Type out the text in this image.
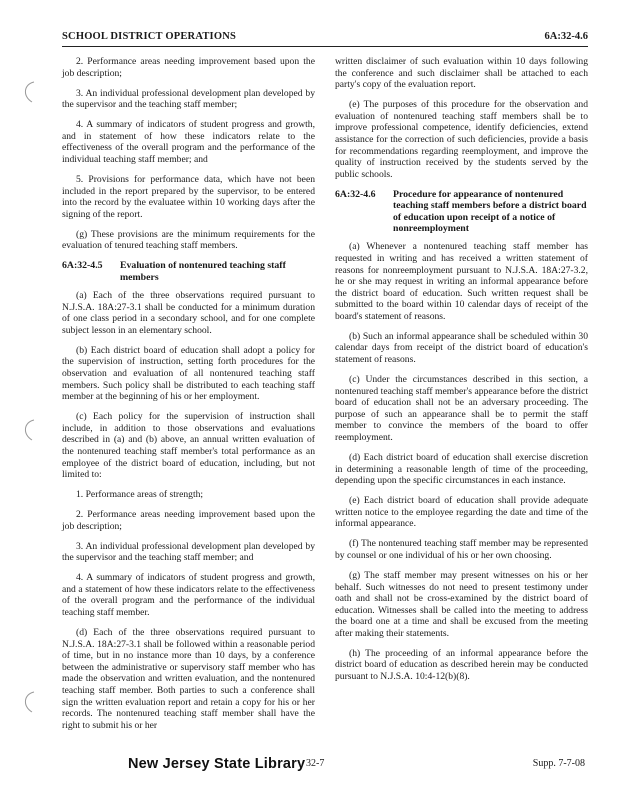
SCHOOL DISTRICT OPERATIONS	6A:32-4.6

2. Performance areas needing improvement based upon the job description;

3. An individual professional development plan developed by the supervisor and the teaching staff member;

4. A summary of indicators of student progress and growth, and in statement of how these indicators relate to the effectiveness of the overall program and the performance of the individual teaching staff member; and

5. Provisions for performance data, which have not been included in the report prepared by the supervisor, to be entered into the record by the evaluatee within 10 working days after the signing of the report.

(g) These provisions are the minimum requirements for the evaluation of tenured teaching staff members.

6A:32-4.5	Evaluation of nontenured teaching staff members

(a) Each of the three observations required pursuant to N.J.S.A. 18A:27-3.1 shall be conducted for a minimum duration of one class period in a secondary school, and for one complete subject lesson in an elementary school.

(b) Each district board of education shall adopt a policy for the supervision of instruction, setting forth procedures for the observation and evaluation of all nontenured teaching staff members. Such policy shall be distributed to each teaching staff member at the beginning of his or her employment.

(c) Each policy for the supervision of instruction shall include, in addition to those observations and evaluations described in (a) and (b) above, an annual written evaluation of the nontenured teaching staff member's total performance as an employee of the district board of education, including, but not limited to:

1. Performance areas of strength;

2. Performance areas needing improvement based upon the job description;

3. An individual professional development plan developed by the supervisor and the teaching staff member; and

4. A summary of indicators of student progress and growth, and a statement of how these indicators relate to the effectiveness of the overall program and the performance of the individual teaching staff member.

(d) Each of the three observations required pursuant to N.J.S.A. 18A:27-3.1 shall be followed within a reasonable period of time, but in no instance more than 10 days, by a conference between the administrative or supervisory staff member who has made the observation and written evaluation, and the nontenured teaching staff member. Both parties to such a conference shall sign the written evaluation report and retain a copy for his or her records. The nontenured teaching staff member shall have the right to submit his or her

written disclaimer of such evaluation within 10 days following the conference and such disclaimer shall be attached to each party's copy of the evaluation report.

(e) The purposes of this procedure for the observation and evaluation of nontenured teaching staff members shall be to improve professional competence, identify deficiencies, extend assistance for the correction of such deficiencies, provide a basis for recommendations regarding reemployment, and improve the quality of instruction received by the students served by the public schools.

6A:32-4.6	Procedure for appearance of nontenured teaching staff members before a district board of education upon receipt of a notice of nonreemployment

(a) Whenever a nontenured teaching staff member has requested in writing and has received a written statement of reasons for nonreemployment pursuant to N.J.S.A. 18A:27-3.2, he or she may request in writing an informal appearance before the district board of education. Such written request shall be submitted to the board within 10 calendar days of receipt of the board's statement of reasons.

(b) Such an informal appearance shall be scheduled within 30 calendar days from receipt of the district board of education's statement of reasons.

(c) Under the circumstances described in this section, a nontenured teaching staff member's appearance before the district board of education shall not be an adversary proceeding. The purpose of such an appearance shall be to permit the staff member to convince the members of the board to offer reemployment.

(d) Each district board of education shall exercise discretion in determining a reasonable length of time of the proceeding, depending upon the specific circumstances in each instance.

(e) Each district board of education shall provide adequate written notice to the employee regarding the date and time of the informal appearance.

(f) The nontenured teaching staff member may be represented by counsel or one individual of his or her own choosing.

(g) The staff member may present witnesses on his or her behalf. Such witnesses do not need to present testimony under oath and shall not be cross-examined by the district board of education. Witnesses shall be called into the meeting to address the board one at a time and shall be excused from the meeting after making their statements.

(h) The proceeding of an informal appearance before the district board of education as described herein may be conducted pursuant to N.J.S.A. 10:4-12(b)(8).

New Jersey State Library 32-7	Supp. 7-7-08
